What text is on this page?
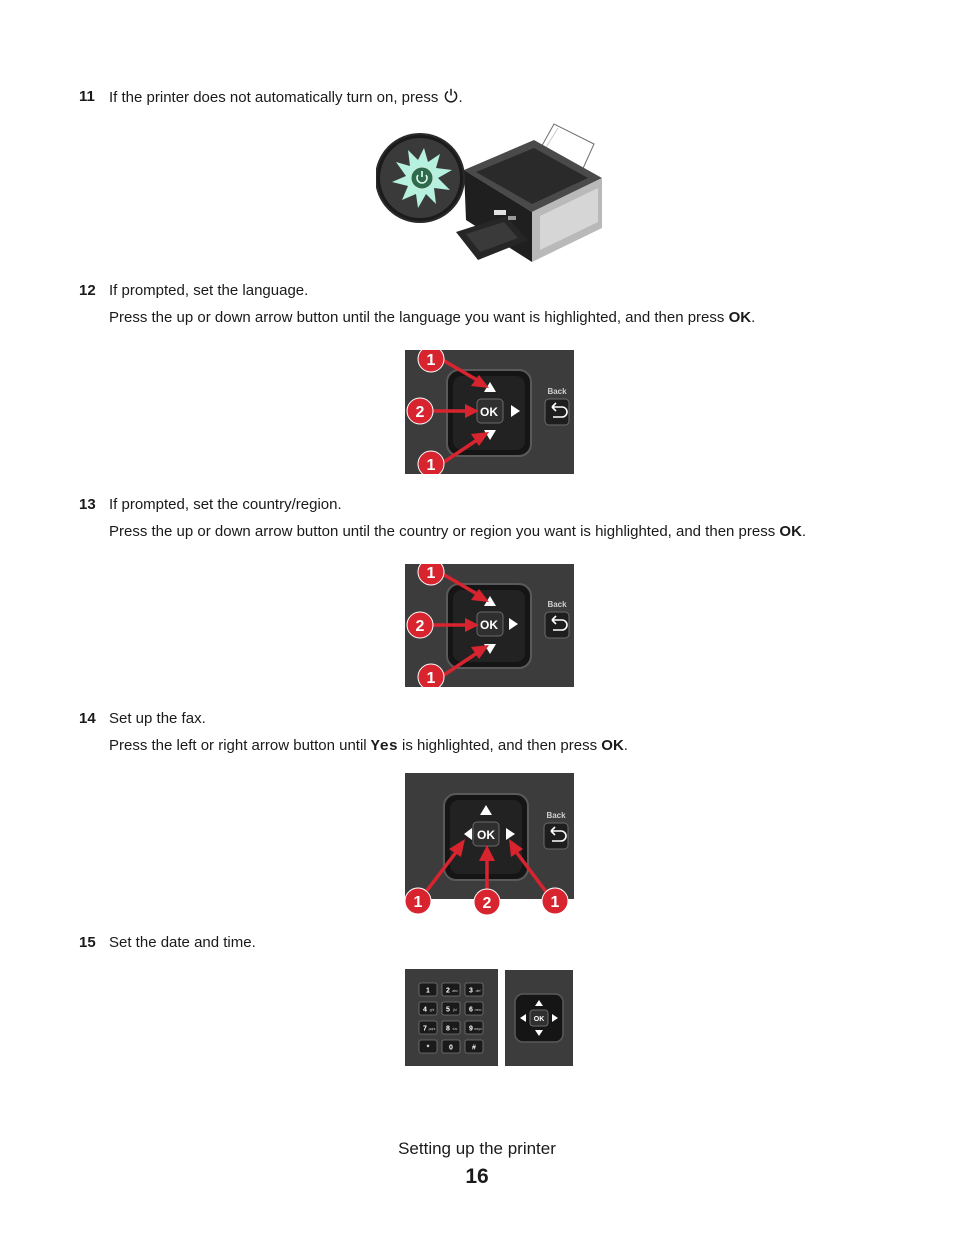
11 If the printer does not automatically turn on, press .
12 If prompted, set the language.
Press the up or down arrow button until the language you want is highlighted, and then press OK.
OK
Back
1
2
1
13 If prompted, set the country/region.
Press the up or down arrow button until the country or region you want is highlighted, and then press OK.
OK
Back
1
2
1
14 Set up the fax.
Press the left or right arrow button until Yes is highlighted, and then press OK.
OK
Back
1	2	1
15 Set the date and time.
1 2 abc 3 def
4 ghi 5 jkl 6 mno
7 pqrs 8 tuv 9 wxyz
*	0	#
OK
Setting up the printer
16
